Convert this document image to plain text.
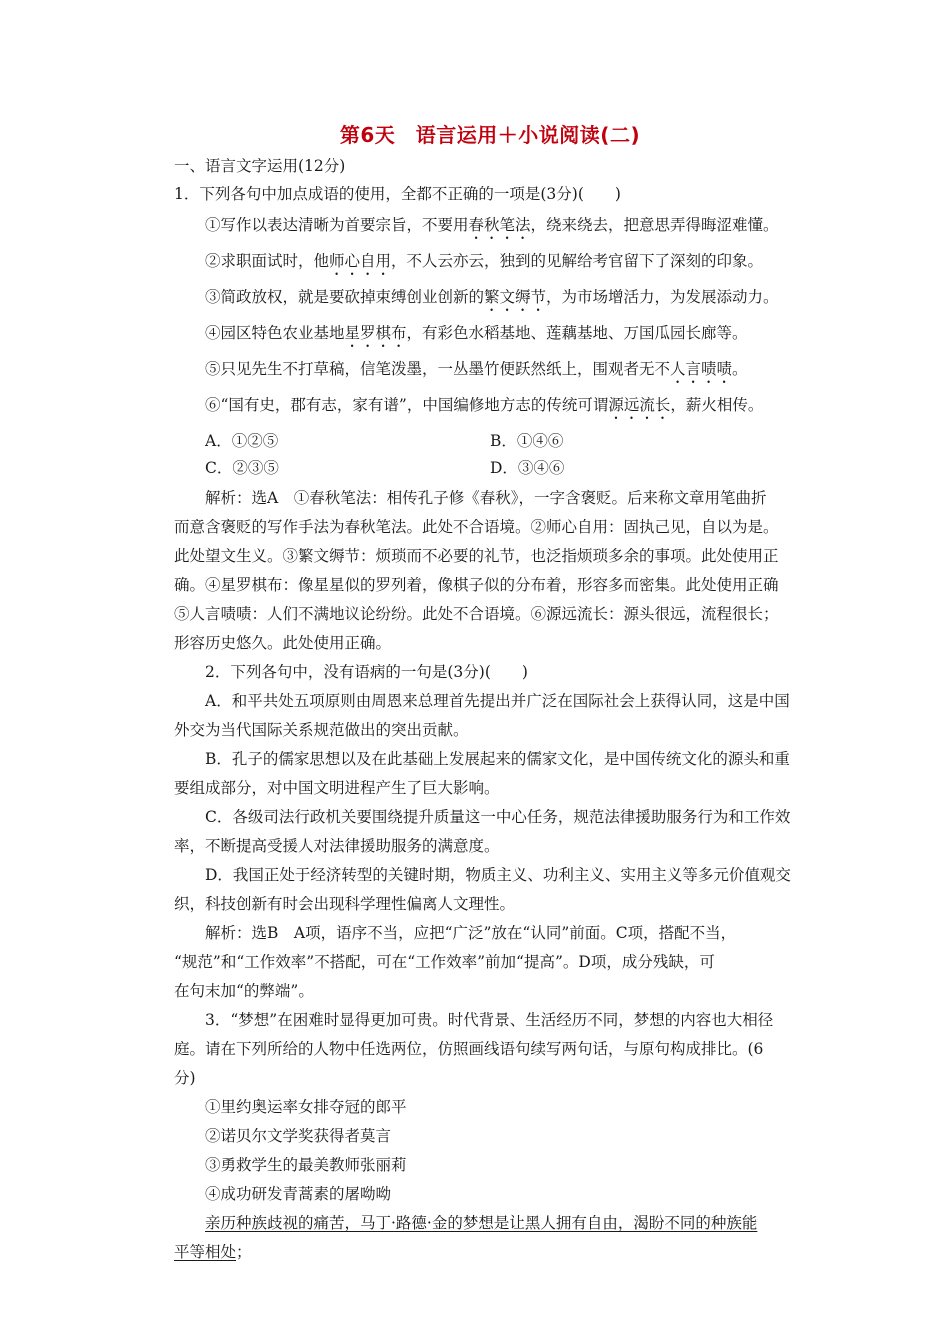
第6天　语言运用＋小说阅读(二)
一、语言文字运用(12分)
1．下列各句中加点成语的使用，全都不正确的一项是(3分)(　　)
①写作以表达清晰为首要宗旨，不要用春秋笔法，绕来绕去，把意思弄得晦涩难懂。
②求职面试时，他师心自用，不人云亦云，独到的见解给考官留下了深刻的印象。
③简政放权，就是要砍掉束缚创业创新的繁文缛节，为市场增活力，为发展添动力。
④园区特色农业基地星罗棋布，有彩色水稻基地、莲藕基地、万国瓜园长廊等。
⑤只见先生不打草稿，信笔泼墨，一丛墨竹便跃然纸上，围观者无不人言啧啧。
⑥“国有史，郡有志，家有谱”，中国编修地方志的传统可谓源远流长，薪火相传。
A．①②⑤	B．①④⑥
C．②③⑤	D．③④⑥
解析：选A　①春秋笔法：相传孔子修《春秋》，一字含褒贬。后来称文章用笔曲折
而意含褒贬的写作手法为春秋笔法。此处不合语境。②师心自用：固执己见，自以为是。
此处望文生义。③繁文缛节：烦琐而不必要的礼节，也泛指烦琐多余的事项。此处使用正
确。④星罗棋布：像星星似的罗列着，像棋子似的分布着，形容多而密集。此处使用正确
⑤人言啧啧：人们不满地议论纷纷。此处不合语境。⑥源远流长：源头很远，流程很长；
形容历史悠久。此处使用正确。
2．下列各句中，没有语病的一句是(3分)(　　)
A．和平共处五项原则由周恩来总理首先提出并广泛在国际社会上获得认同，这是中国
外交为当代国际关系规范做出的突出贡献。
B．孔子的儒家思想以及在此基础上发展起来的儒家文化，是中国传统文化的源头和重
要组成部分，对中国文明进程产生了巨大影响。
C．各级司法行政机关要围绕提升质量这一中心任务，规范法律援助服务行为和工作效
率，不断提高受援人对法律援助服务的满意度。
D．我国正处于经济转型的关键时期，物质主义、功利主义、实用主义等多元价值观交
织，科技创新有时会出现科学理性偏离人文理性。
解析：选B　A项，语序不当，应把“广泛”放在“认同”前面。C项，搭配不当，
“规范”和“工作效率”不搭配，可在“工作效率”前加“提高”。D项，成分残缺，可
在句末加“的弊端”。
3．“梦想”在困难时显得更加可贵。时代背景、生活经历不同，梦想的内容也大相径
庭。请在下列所给的人物中任选两位，仿照画线语句续写两句话，与原句构成排比。(6
分)
①里约奥运率女排夺冠的郎平
②诺贝尔文学奖获得者莫言
③勇救学生的最美教师张丽莉
④成功研发青蒿素的屠呦呦
亲历种族歧视的痛苦，马丁·路德·金的梦想是让黑人拥有自由，渴盼不同的种族能
平等相处；
